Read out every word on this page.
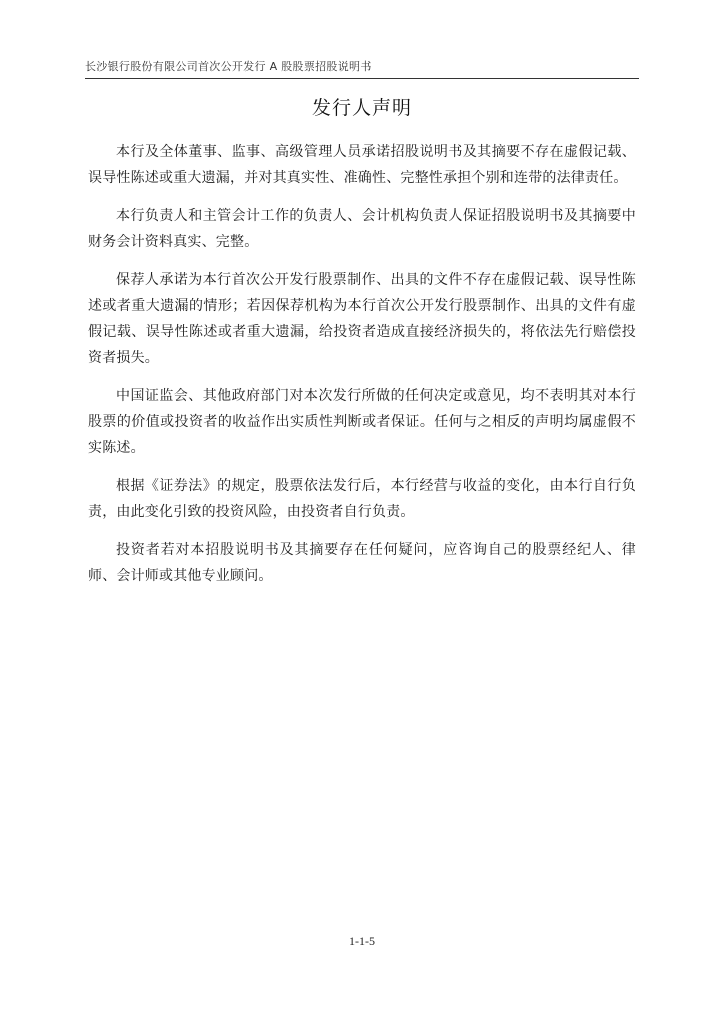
长沙银行股份有限公司首次公开发行 A 股股票招股说明书
发行人声明

本行及全体董事、监事、高级管理人员承诺招股说明书及其摘要不存在虚假记载、误导性陈述或重大遗漏，并对其真实性、准确性、完整性承担个别和连带的法律责任。

本行负责人和主管会计工作的负责人、会计机构负责人保证招股说明书及其摘要中财务会计资料真实、完整。

保荐人承诺为本行首次公开发行股票制作、出具的文件不存在虚假记载、误导性陈述或者重大遗漏的情形；若因保荐机构为本行首次公开发行股票制作、出具的文件有虚假记载、误导性陈述或者重大遗漏，给投资者造成直接经济损失的，将依法先行赔偿投资者损失。

中国证监会、其他政府部门对本次发行所做的任何决定或意见，均不表明其对本行股票的价值或投资者的收益作出实质性判断或者保证。任何与之相反的声明均属虚假不实陈述。

根据《证券法》的规定，股票依法发行后，本行经营与收益的变化，由本行自行负责，由此变化引致的投资风险，由投资者自行负责。

投资者若对本招股说明书及其摘要存在任何疑问，应咨询自己的股票经纪人、律师、会计师或其他专业顾问。

1-1-5
